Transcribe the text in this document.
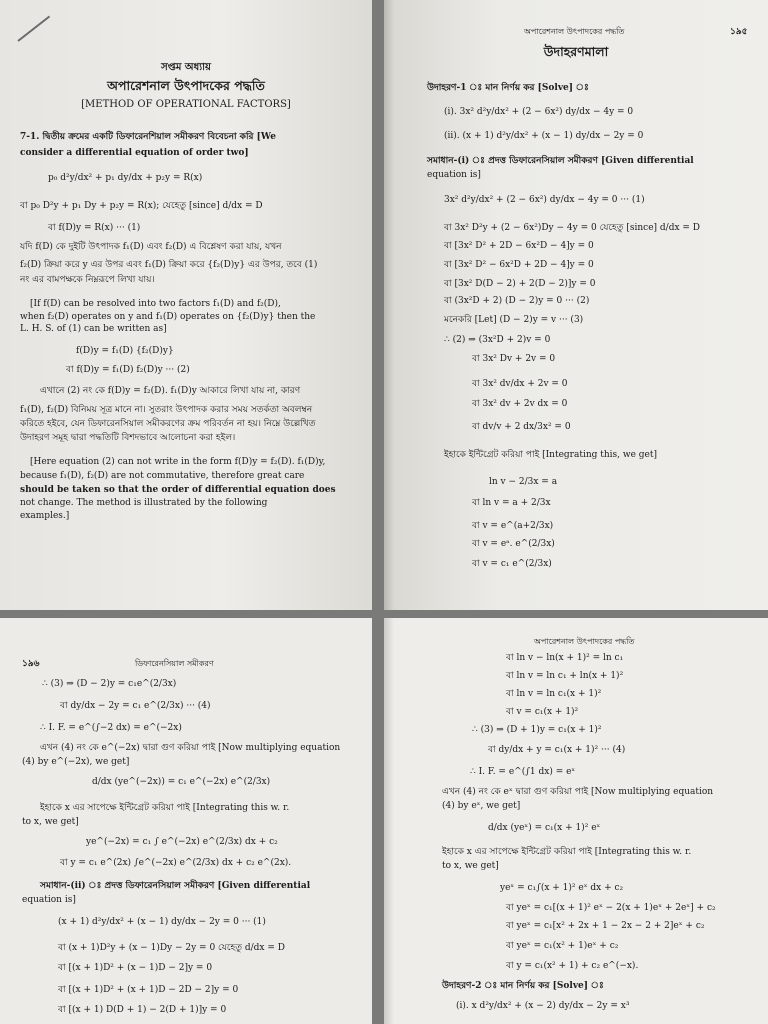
সপ্তম অধ্যায়
অপারেশনাল উৎপাদকের পদ্ধতি
[METHOD OF OPERATIONAL FACTORS]
7-1. দ্বিতীয় ক্রমের একটি ডিফারেনশিয়াল সমীকরণ বিবেচনা করি [We
consider a differential equation of order two]
p₀ d²y/dx² + p₁ dy/dx + p₂y = R(x)
বা p₀ D²y + p₁ Dy + p₂y = R(x); যেহেতু [since] d/dx = D
বা f(D)y = R(x) ··· (1)
যদি f(D) কে দুইটি উৎপাদক f₁(D) এবং f₂(D) এ বিশ্লেষণ করা যায়, যখন
f₂(D) ক্রিয়া করে y এর উপর এবং f₁(D) ক্রিয়া করে {f₂(D)y} এর উপর, তবে (1)
নং এর বামপক্ষকে নিম্নরূপে লিখা যায়।
[If f(D) can be resolved into two factors f₁(D) and f₂(D),
when f₂(D) operates on y and f₁(D) operates on {f₂(D)y} then the
L. H. S. of (1) can be written as]
f(D)y = f₁(D) {f₂(D)y}
বা f(D)y = f₁(D) f₂(D)y ··· (2)
এখানে (2) নং কে f(D)y = f₂(D). f₁(D)y আকারে লিখা যায় না, কারণ
f₁(D), f₂(D) বিনিময় সূত্র মানে না। সুতরাং উৎপাদক করার সময় সতর্কতা অবলম্বন
করিতে হইবে, যেন ডিফারেনসিয়াল সমীকরণের ক্রম পরিবর্তন না হয়। নিম্নে উল্লেখিত
উদাহরণ সমূহ দ্বারা পদ্ধতিটি বিশদভাবে আলোচনা করা হইল।
[Here equation (2) can not write in the form f(D)y = f₂(D). f₁(D)y,
because f₁(D), f₂(D) are not commutative, therefore great care
should be taken so that the order of differential equation does
not change. The method is illustrated by the following
examples.]
অপারেশনাল উৎপাদকের পদ্ধতি	১৯৫
উদাহরণমালা
উদাহরণ-1 ঃ মান নির্ণয় কর [Solve] ঃ
(i). 3x² d²y/dx² + (2 − 6x²) dy/dx − 4y = 0
(ii). (x + 1) d²y/dx² + (x − 1) dy/dx − 2y = 0
সমাধান-(i) ঃ প্রদত্ত ডিফারেনসিয়াল সমীকরণ [Given differential
equation is]
3x² d²y/dx² + (2 − 6x²) dy/dx − 4y = 0 ··· (1)
বা 3x² D²y + (2 − 6x²)Dy − 4y = 0 যেহেতু [since] d/dx = D
বা [3x² D² + 2D − 6x²D − 4]y = 0
বা [3x² D² − 6x²D + 2D − 4]y = 0
বা [3x² D(D − 2) + 2(D − 2)]y = 0
বা (3x²D + 2) (D − 2)y = 0 ··· (2)
মনেকরি [Let] (D − 2)y = v ··· (3)
∴ (2) ⇒ (3x²D + 2)v = 0
বা 3x² Dv + 2v = 0
বা 3x² dv/dx + 2v = 0
বা 3x² dv + 2v dx = 0
বা dv/v + 2 dx/3x² = 0
ইহাকে ইন্টিগ্রেট করিয়া পাই [Integrating this, we get]
ln v − 2/3x = a
বা ln v = a + 2/3x
বা v = e^(a+2/3x)
বা v = eᵃ. e^(2/3x)
বা v = c₁ e^(2/3x)
১৯৬	ডিফারেনসিয়াল সমীকরণ
∴ (3) ⇒ (D − 2)y = c₁e^(2/3x)
বা dy/dx − 2y = c₁ e^(2/3x) ··· (4)
∴ I. F. = e^(∫−2 dx) = e^(−2x)
এখন (4) নং কে e^(−2x) দ্বারা গুণ করিয়া পাই [Now multiplying equation
(4) by e^(−2x), we get]
d/dx (ye^(−2x)) = c₁ e^(−2x) e^(2/3x)
ইহাকে x এর সাপেক্ষে ইন্টিগ্রেট করিয়া পাই [Integrating this w. r.
to x, we get]
ye^(−2x) = c₁ ∫ e^(−2x) e^(2/3x) dx + c₂
বা y = c₁ e^(2x) ∫e^(−2x) e^(2/3x) dx + c₂ e^(2x).
সমাধান-(ii) ঃ প্রদত্ত ডিফারেনসিয়াল সমীকরণ [Given differential
equation is]
(x + 1) d²y/dx² + (x − 1) dy/dx − 2y = 0 ··· (1)
বা (x + 1)D²y + (x − 1)Dy − 2y = 0 যেহেতু d/dx = D
বা [(x + 1)D² + (x − 1)D − 2]y = 0
বা [(x + 1)D² + (x + 1)D − 2D − 2]y = 0
বা [(x + 1) D(D + 1) − 2(D + 1)]y = 0
অপারেশনাল উৎপাদকের পদ্ধতি
বা ln v − ln(x + 1)² = ln c₁
বা ln v = ln c₁ + ln(x + 1)²
বা ln v = ln c₁(x + 1)²
বা v = c₁(x + 1)²
∴ (3) ⇒ (D + 1)y = c₁(x + 1)²
বা dy/dx + y = c₁(x + 1)² ··· (4)
∴ I. F. = e^(∫1 dx) = eˣ
এখন (4) নং কে eˣ দ্বারা গুণ করিয়া পাই [Now multiplying equation
(4) by eˣ, we get]
d/dx (yeˣ) = c₁(x + 1)² eˣ
ইহাকে x এর সাপেক্ষে ইন্টিগ্রেট করিয়া পাই [Integrating this w. r.
to x, we get]
yeˣ = c₁∫(x + 1)² eˣ dx + c₂
বা yeˣ = c₁[(x + 1)² eˣ − 2(x + 1)eˣ + 2eˣ] + c₂
বা yeˣ = c₁[x² + 2x + 1 − 2x − 2 + 2]eˣ + c₂
বা yeˣ = c₁(x² + 1)eˣ + c₂
বা y = c₁(x² + 1) + c₂ e^(−x).
উদাহরণ-2 ঃ মান নির্ণয় কর [Solve] ঃ
(i). x d²y/dx² + (x − 2) dy/dx − 2y = x³
